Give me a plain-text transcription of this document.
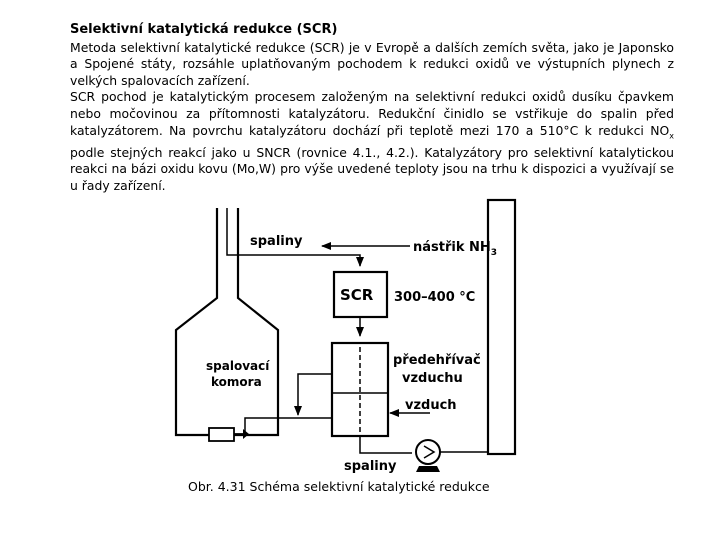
Selektivní katalytická redukce (SCR)

Metoda selektivní katalytické redukce (SCR) je v Evropě a dalších zemích světa, jako je Japonsko a Spojené státy, rozsáhle uplatňovaným pochodem k redukci oxidů ve výstupních plynech z velkých spalovacích zařízení.

SCR pochod je katalytickým procesem založeným na selektivní redukci oxidů dusíku čpavkem nebo močovinou za přítomnosti katalyzátoru. Redukční činidlo se vstřikuje do spalin před katalyzátorem. Na povrchu katalyzátoru dochází při teplotě mezi 170 a 510°C k redukci $NO_x$ podle stejných reakcí jako u SNCR (rovnice 4.1., 4.2.). Katalyzátory pro selektivní katalytickou reakci na bázi oxidu kovu (Mo,W) pro výše uvedené teploty jsou na trhu k dispozici a využívají se u řady zařízení.

spaliny	nástřik $NH_3$
SCR 300–400 °C
spalovací
komora
předehřívač
vzduchu
vzduch
spaliny
Obr. 4.31 Schéma selektivní katalytické redukce
